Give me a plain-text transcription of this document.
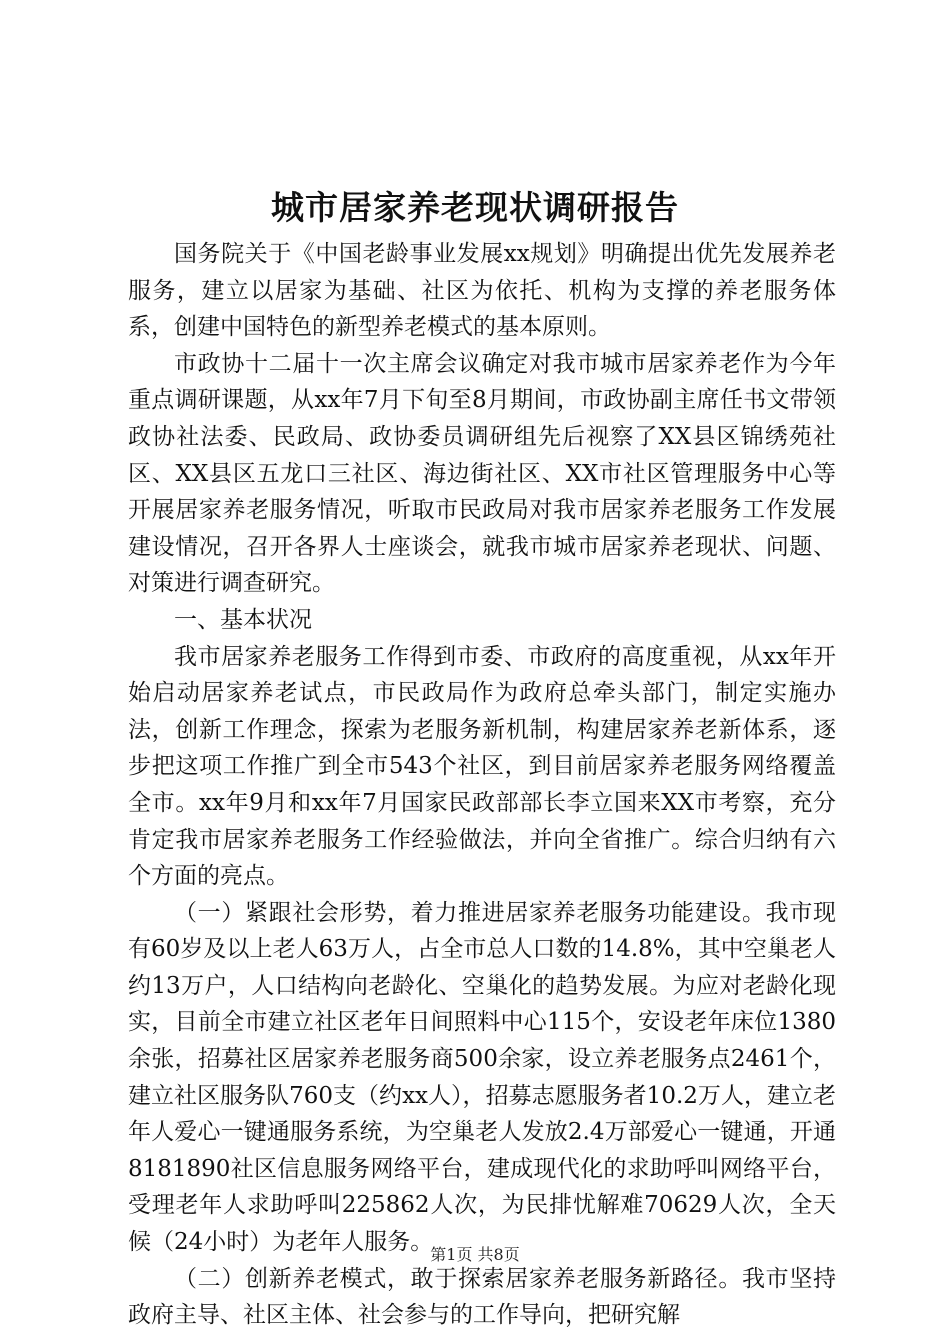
城市居家养老现状调研报告

国务院关于《中国老龄事业发展xx规划》明确提出优先发展养老服务，建立以居家为基础、社区为依托、机构为支撑的养老服务体系，创建中国特色的新型养老模式的基本原则。

市政协十二届十一次主席会议确定对我市城市居家养老作为今年重点调研课题，从xx年7月下旬至8月期间，市政协副主席任书文带领政协社法委、民政局、政协委员调研组先后视察了XX县区锦绣苑社区、XX县区五龙口三社区、海边街社区、XX市社区管理服务中心等开展居家养老服务情况，听取市民政局对我市居家养老服务工作发展建设情况，召开各界人士座谈会，就我市城市居家养老现状、问题、对策进行调查研究。

一、基本状况

我市居家养老服务工作得到市委、市政府的高度重视，从xx年开始启动居家养老试点，市民政局作为政府总牵头部门，制定实施办法，创新工作理念，探索为老服务新机制，构建居家养老新体系，逐步把这项工作推广到全市543个社区，到目前居家养老服务网络覆盖全市。xx年9月和xx年7月国家民政部部长李立国来XX市考察，充分肯定我市居家养老服务工作经验做法，并向全省推广。综合归纳有六个方面的亮点。

（一）紧跟社会形势，着力推进居家养老服务功能建设。我市现有60岁及以上老人63万人，占全市总人口数的14.8%，其中空巢老人约13万户，人口结构向老龄化、空巢化的趋势发展。为应对老龄化现实，目前全市建立社区老年日间照料中心115个，安设老年床位1380余张，招募社区居家养老服务商500余家，设立养老服务点2461个，建立社区服务队760支（约xx人），招募志愿服务者10.2万人，建立老年人爱心一键通服务系统，为空巢老人发放2.4万部爱心一键通，开通8181890社区信息服务网络平台，建成现代化的求助呼叫网络平台，受理老年人求助呼叫225862人次，为民排忧解难70629人次，全天候（24小时）为老年人服务。

（二）创新养老模式，敢于探索居家养老服务新路径。我市坚持政府主导、社区主体、社会参与的工作导向，把研究解

第1页 共8页
